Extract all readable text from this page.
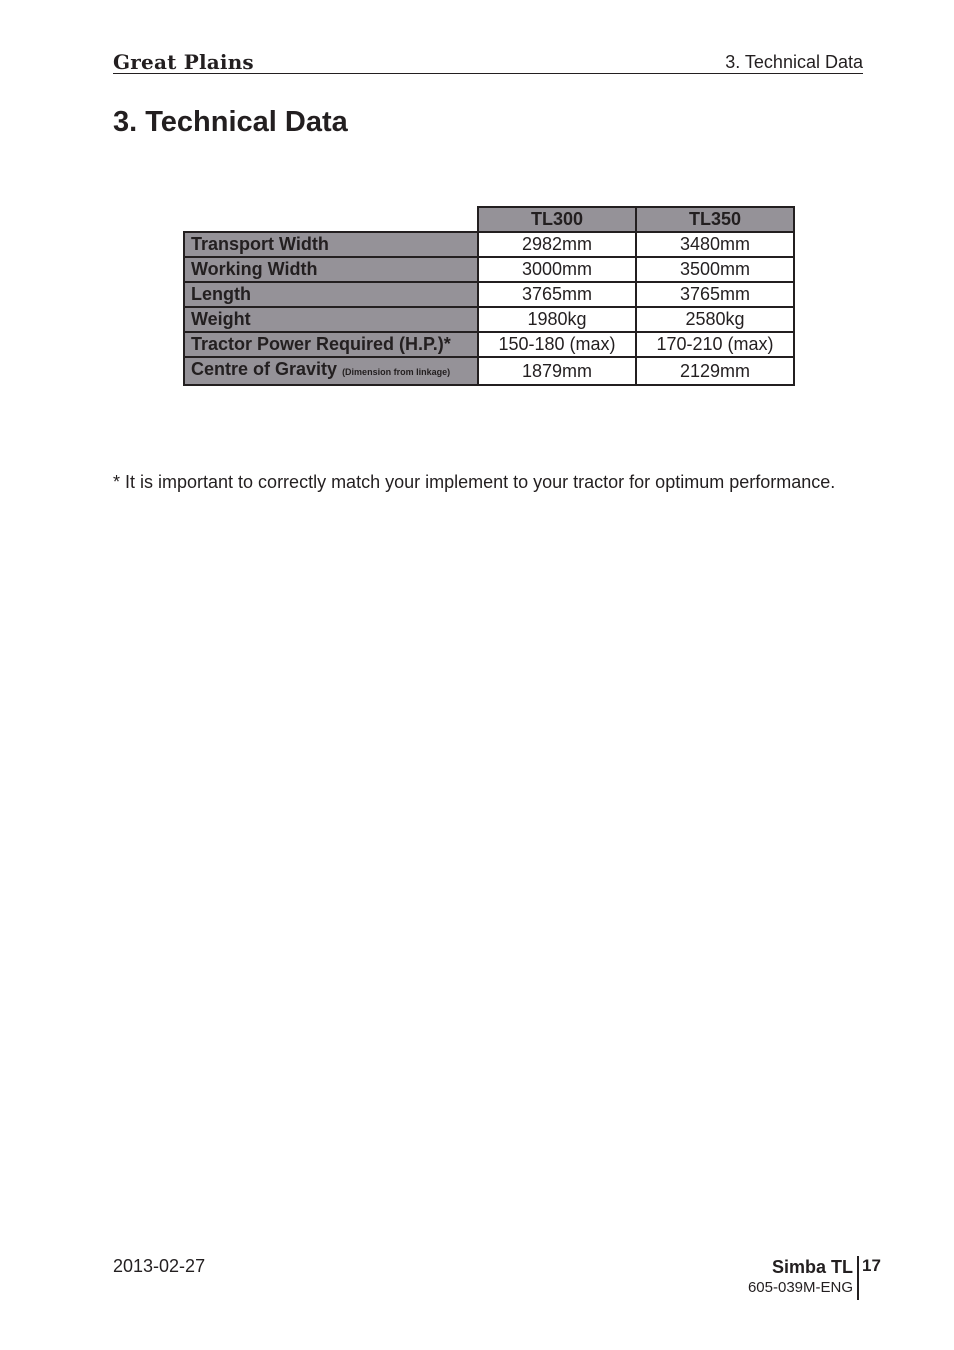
Great Plains	3. Technical Data
3. Technical Data
	TL300	TL350
Transport Width	2982mm	3480mm
Working Width	3000mm	3500mm
Length	3765mm	3765mm
Weight	1980kg	2580kg
Tractor Power Required (H.P.)*	150-180 (max)	170-210 (max)
Centre of Gravity (Dimension from linkage)	1879mm	2129mm
* It is important to correctly match your implement to your tractor for optimum performance.
2013-02-27	Simba TL 17
605-039M-ENG
